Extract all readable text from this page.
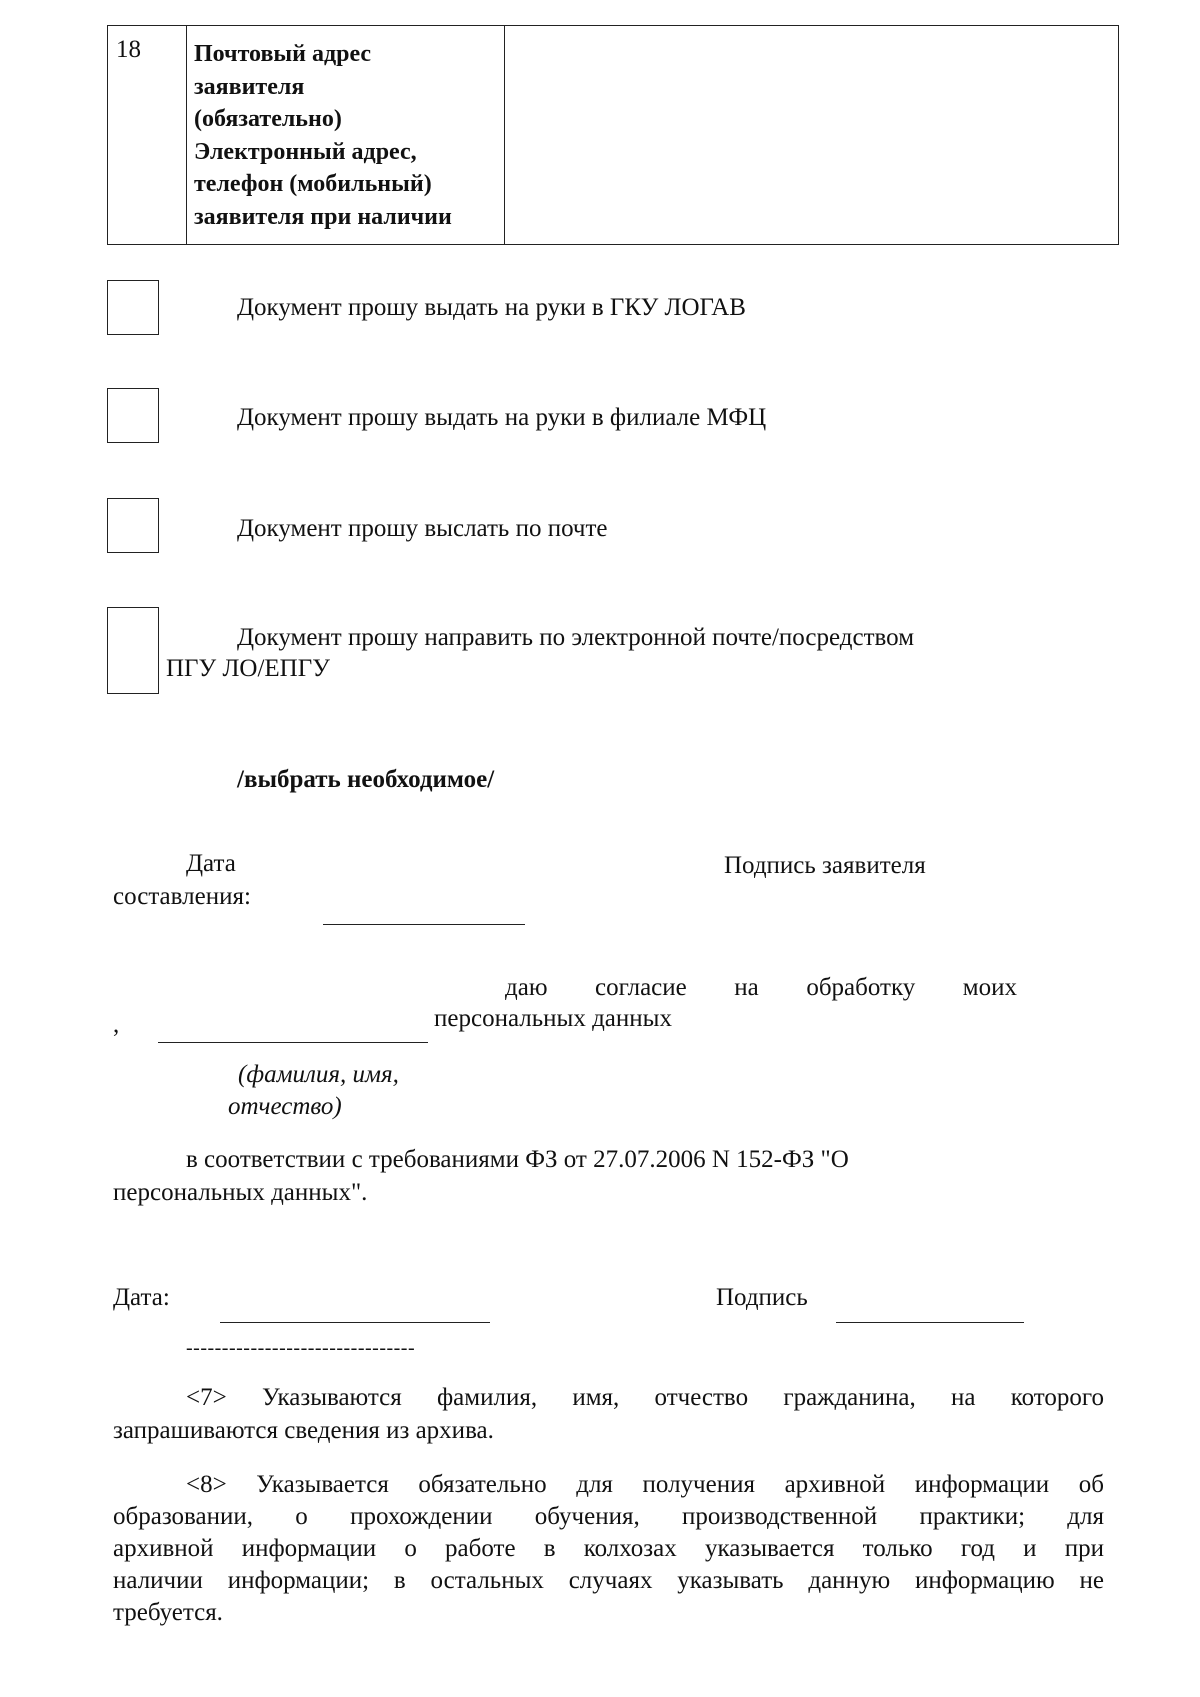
18	Почтовый адрес
заявителя
(обязательно)
Электронный адрес,
телефон (мобильный)
заявителя при наличии
Документ прошу выдать на руки в ГКУ ЛОГАВ
Документ прошу выдать на руки в филиале МФЦ
Документ прошу выслать по почте
Документ прошу направить по электронной почте/посредством
ПГУ ЛО/ЕПГУ
/выбрать необходимое/
Дата
составления:
Подпись заявителя
,
даю согласие на обработку моих
персональных данных
(фамилия, имя,
отчество)
в соответствии с требованиями ФЗ от 27.07.2006 N 152-ФЗ "О
персональных данных".
Дата:	Подпись
--------------------------------
<7> Указываются фамилия, имя, отчество гражданина, на которого
запрашиваются сведения из архива.
<8> Указывается обязательно для получения архивной информации об
образовании, о прохождении обучения, производственной практики; для
архивной информации о работе в колхозах указывается только год и при
наличии информации; в остальных случаях указывать данную информацию не
требуется.
